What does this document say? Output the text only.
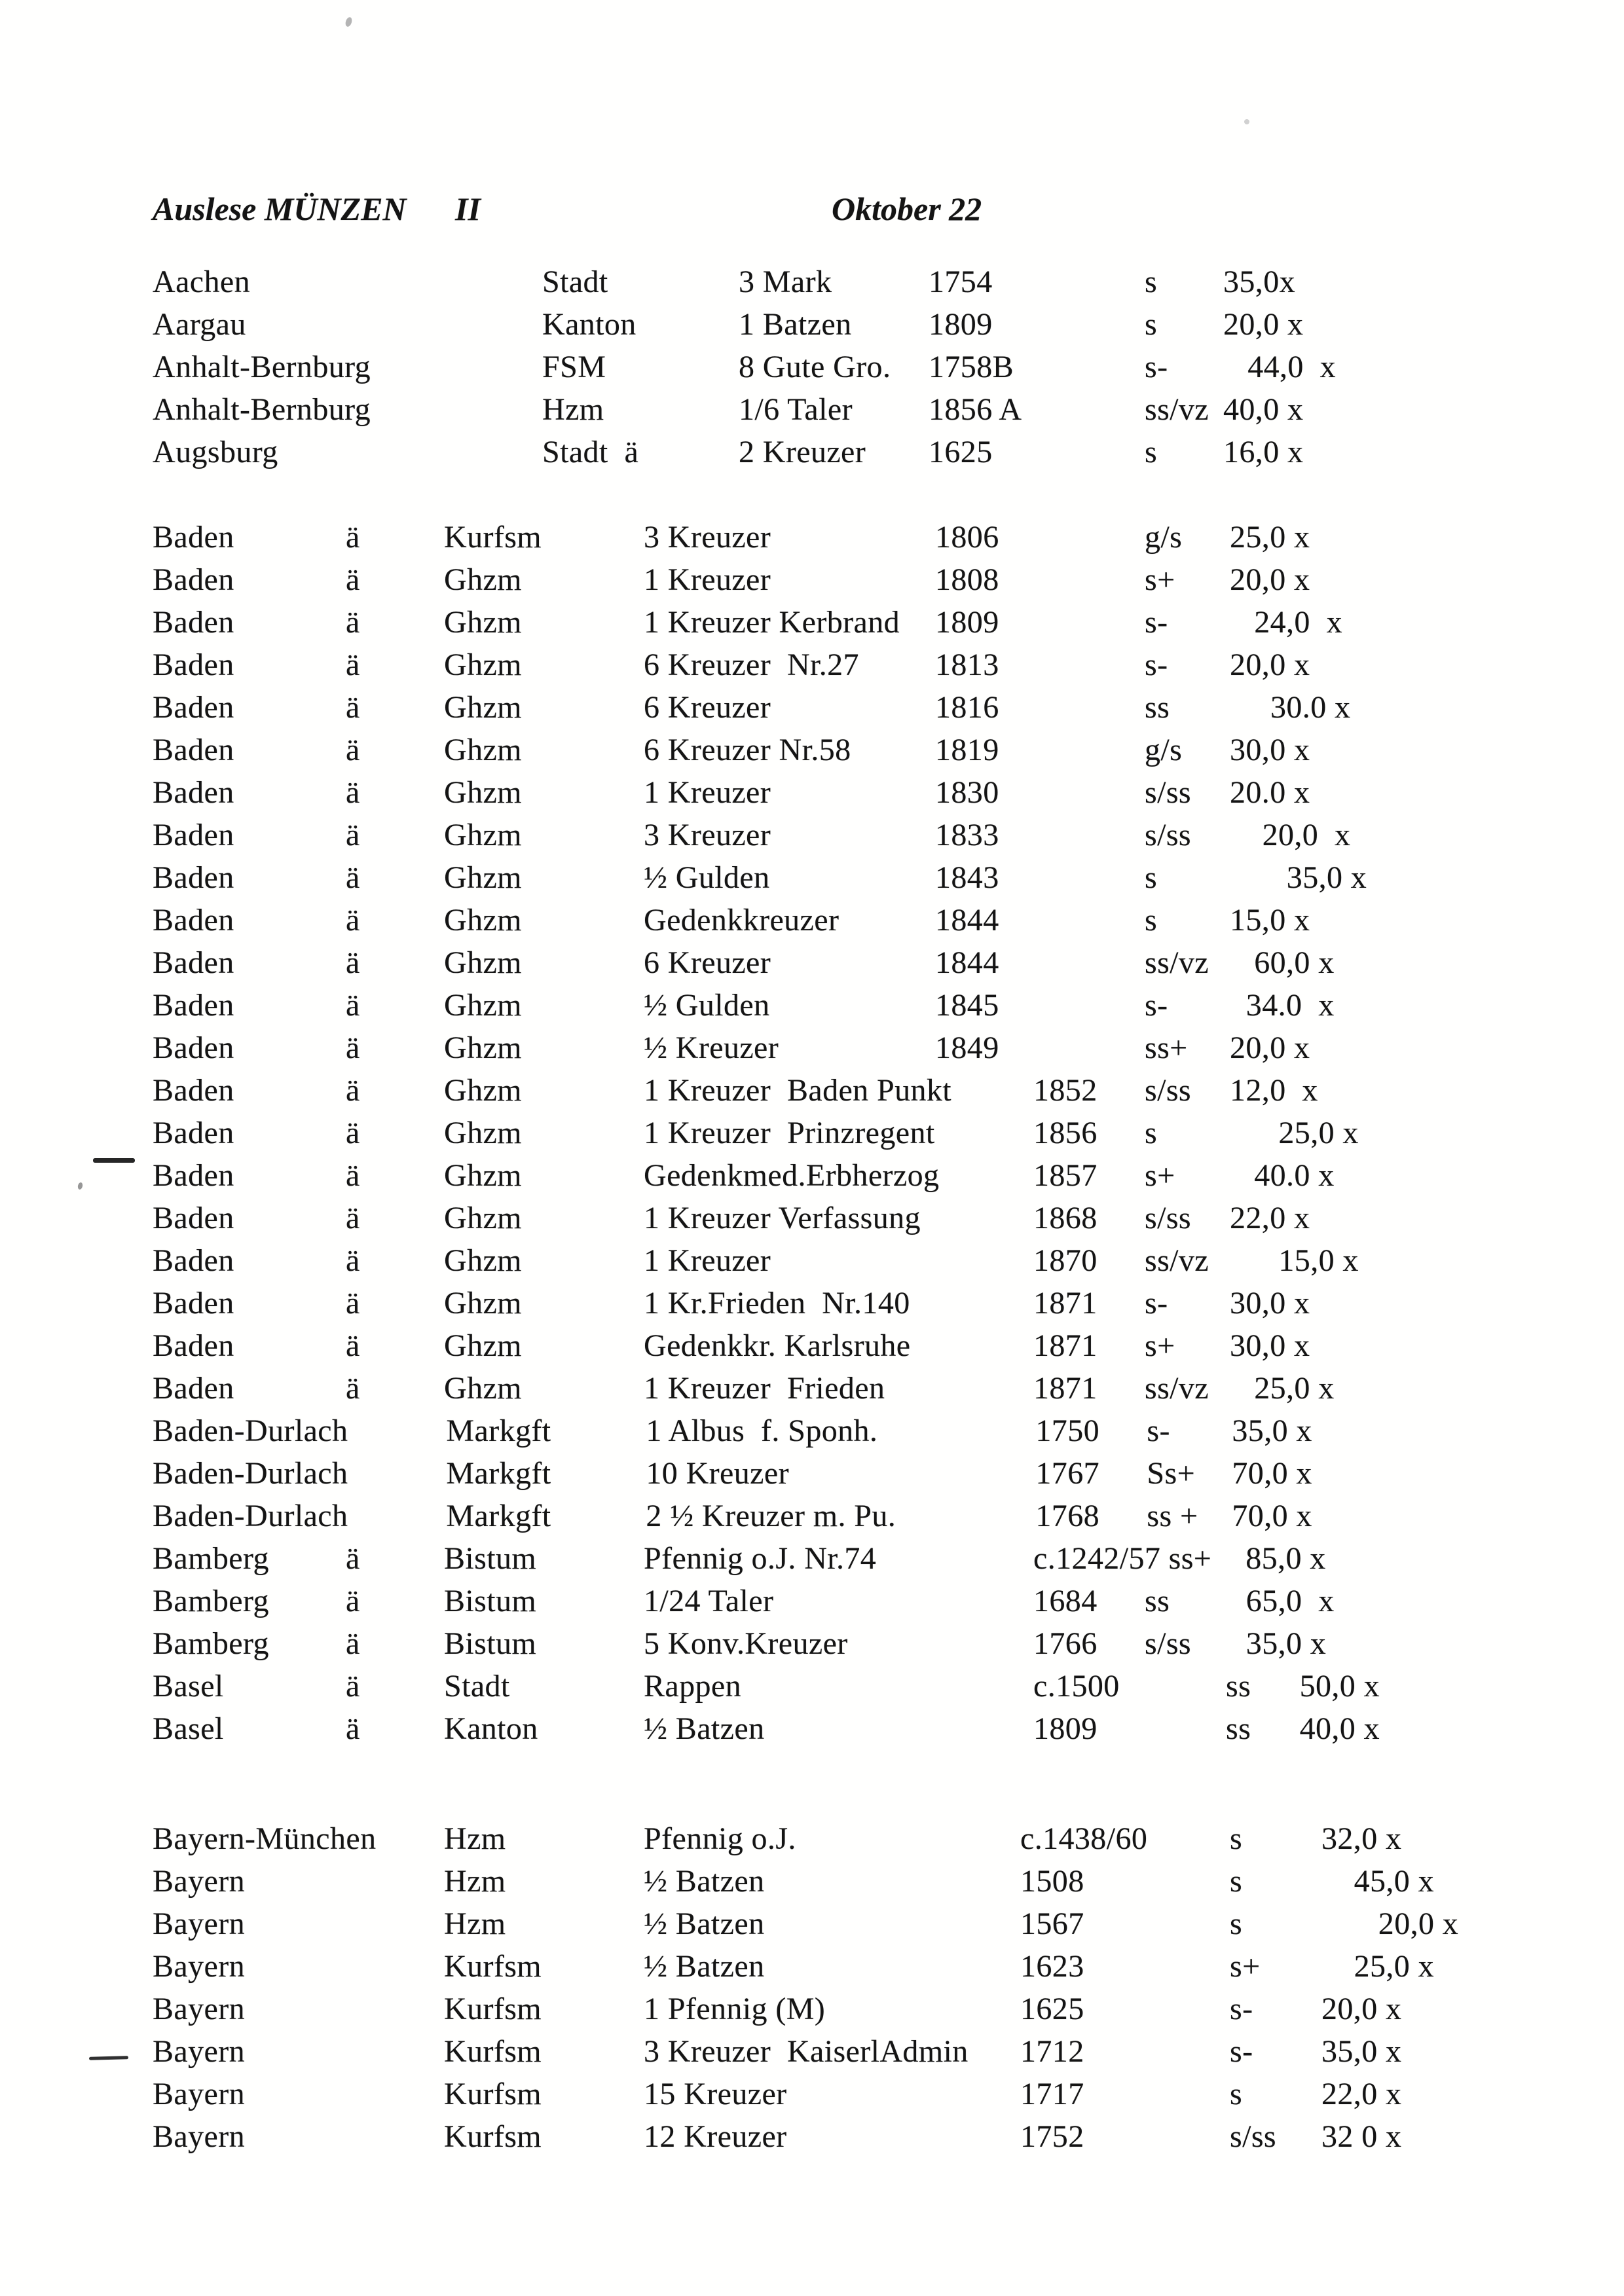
Auslese MÜNZEN	II	Oktober 22
Aachen	Stadt	3 Mark	1754	s	35,0x
Aargau	Kanton	1 Batzen	1809	s	20,0 x
Anhalt-Bernburg	FSM	8 Gute Gro.	1758B	s-	44,0  x
Anhalt-Bernburg	Hzm	1/6 Taler	1856 A	ss/vz 40,0 x
Augsburg	Stadt  ä	2 Kreuzer	1625	s	16,0 x
Baden	ä	Kurfsm	3 Kreuzer	1806	g/s	25,0 x
Baden	ä	Ghzm	1 Kreuzer	1808	s+	20,0 x
Baden	ä	Ghzm	1 Kreuzer Kerbrand	1809	s-	24,0  x
Baden	ä	Ghzm	6 Kreuzer  Nr.27	1813	s-	20,0 x
Baden	ä	Ghzm	6 Kreuzer	1816	ss	30.0 x
Baden	ä	Ghzm	6 Kreuzer Nr.58	1819	g/s	30,0 x
Baden	ä	Ghzm	1 Kreuzer	1830	s/ss	20.0 x
Baden	ä	Ghzm	3 Kreuzer	1833	s/ss	20,0  x
Baden	ä	Ghzm	½ Gulden	1843	s	35,0 x
Baden	ä	Ghzm	Gedenkkreuzer	1844	s	15,0 x
Baden	ä	Ghzm	6 Kreuzer	1844	ss/vz 60,0 x
Baden	ä	Ghzm	½ Gulden	1845	s-	34.0  x
Baden	ä	Ghzm	½ Kreuzer	1849	ss+	20,0 x
Baden	ä	Ghzm	1 Kreuzer  Baden Punkt	1852	s/ss	12,0  x
Baden	ä	Ghzm	1 Kreuzer  Prinzregent	1856	s	25,0 x
Baden	ä	Ghzm	Gedenkmed.Erbherzog	1857	s+	40.0 x
Baden	ä	Ghzm	1 Kreuzer Verfassung	1868	s/ss	22,0 x
Baden	ä	Ghzm	1 Kreuzer	1870	ss/vz 15,0 x
Baden	ä	Ghzm	1 Kr.Frieden  Nr.140	1871	s-	30,0 x
Baden	ä	Ghzm	Gedenkkr. Karlsruhe	1871	s+	30,0 x
Baden	ä	Ghzm	1 Kreuzer  Frieden	1871	ss/vz 25,0 x
Baden-Durlach	Markgft	1 Albus  f. Sponh.	1750	s-	35,0 x
Baden-Durlach	Markgft	10 Kreuzer	1767	Ss+	70,0 x
Baden-Durlach	Markgft	2 ½ Kreuzer m. Pu.	1768	ss +	70,0 x
Bamberg	ä	Bistum	Pfennig o.J. Nr.74	c.1242/57 ss+	85,0 x
Bamberg	ä	Bistum	1/24 Taler	1684	ss	65,0  x
Bamberg	ä	Bistum	5 Konv.Kreuzer	1766	s/ss	35,0 x
Basel	ä	Stadt	Rappen	c.1500 ss 50,0 x
Basel	ä	Kanton	½ Batzen	1809	ss 40,0 x
Bayern-München	Hzm	Pfennig o.J.	c.1438/60	s	32,0 x
Bayern	Hzm	½ Batzen	1508	s	45,0 x
Bayern	Hzm	½ Batzen	1567	s	20,0 x
Bayern	Kurfsm	½ Batzen	1623	s+	25,0 x
Bayern	Kurfsm	1 Pfennig (M)	1625	s-	20,0 x
Bayern	Kurfsm	3 Kreuzer  KaiserlAdmin	1712	s-	35,0 x
Bayern	Kurfsm	15 Kreuzer	1717	s	22,0 x
Bayern	Kurfsm	12 Kreuzer	1752	s/ss	32 0 x
